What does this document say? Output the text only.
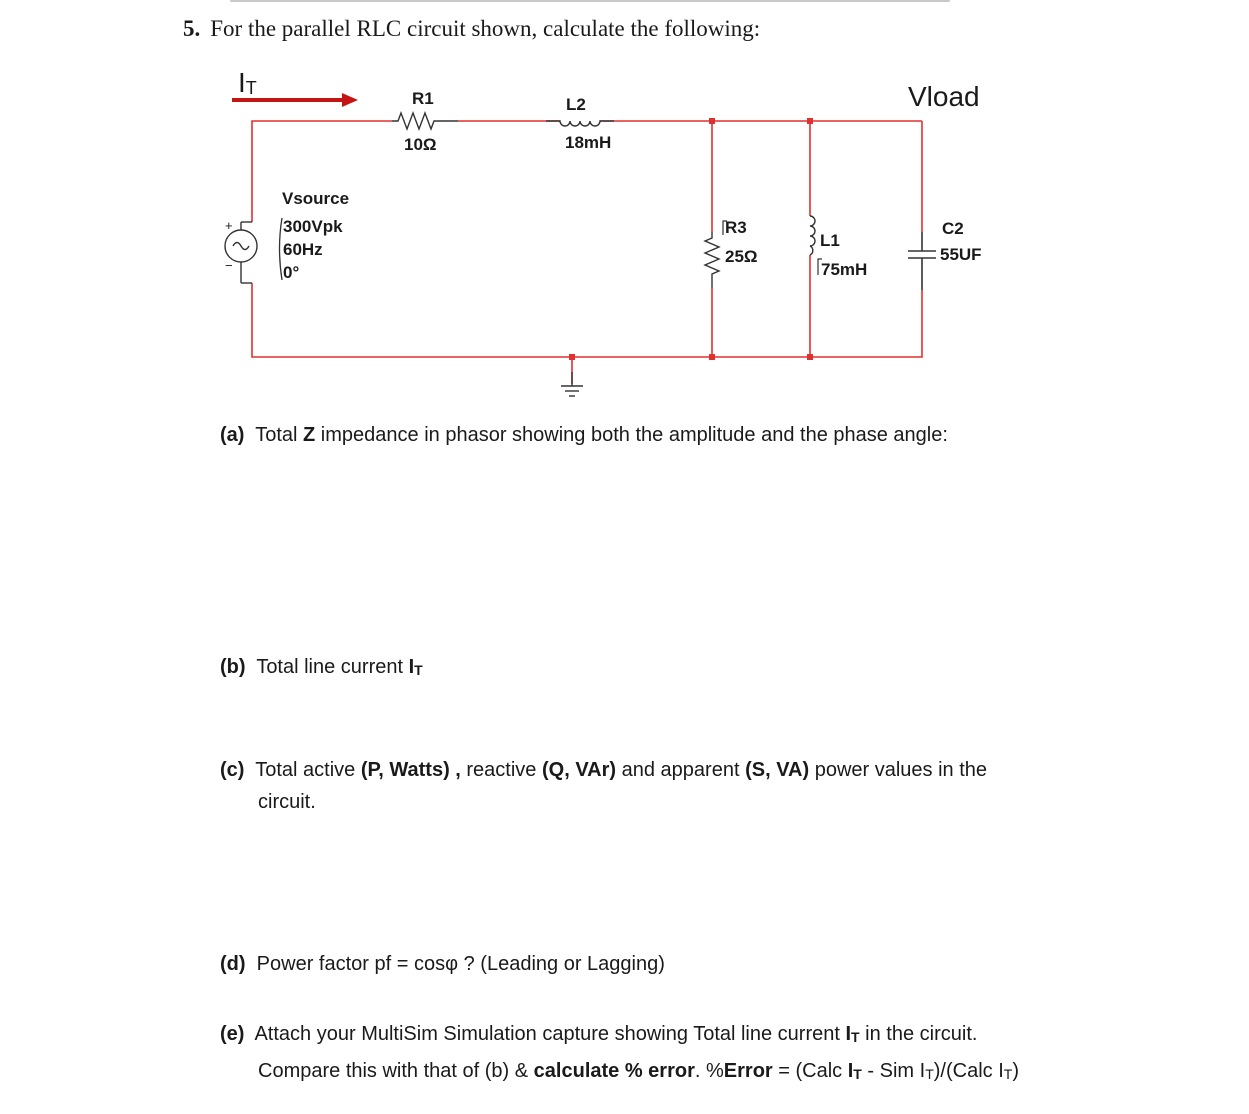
5. For the parallel RLC circuit shown, calculate the following:
IT
+
−
Vsource
300Vpk
60Hz
0°
R1
10Ω
L2
18mH
R3
25Ω
L1
75mH
C2
55UF
Vload
(a) Total Z impedance in phasor showing both the amplitude and the phase angle:
(b) Total line current $I_T$
(c) Total active (P, Watts) , reactive (Q, VAr) and apparent (S, VA) power values in the
circuit.
(d) Power factor pf = cosφ ? (Leading or Lagging)
(e) Attach your MultiSim Simulation capture showing Total line current $I_T$ in the circuit.
Compare this with that of (b) & calculate % error. %Error = (Calc $I_T$ - Sim $I_T)/(Calc$ $I_T$)
